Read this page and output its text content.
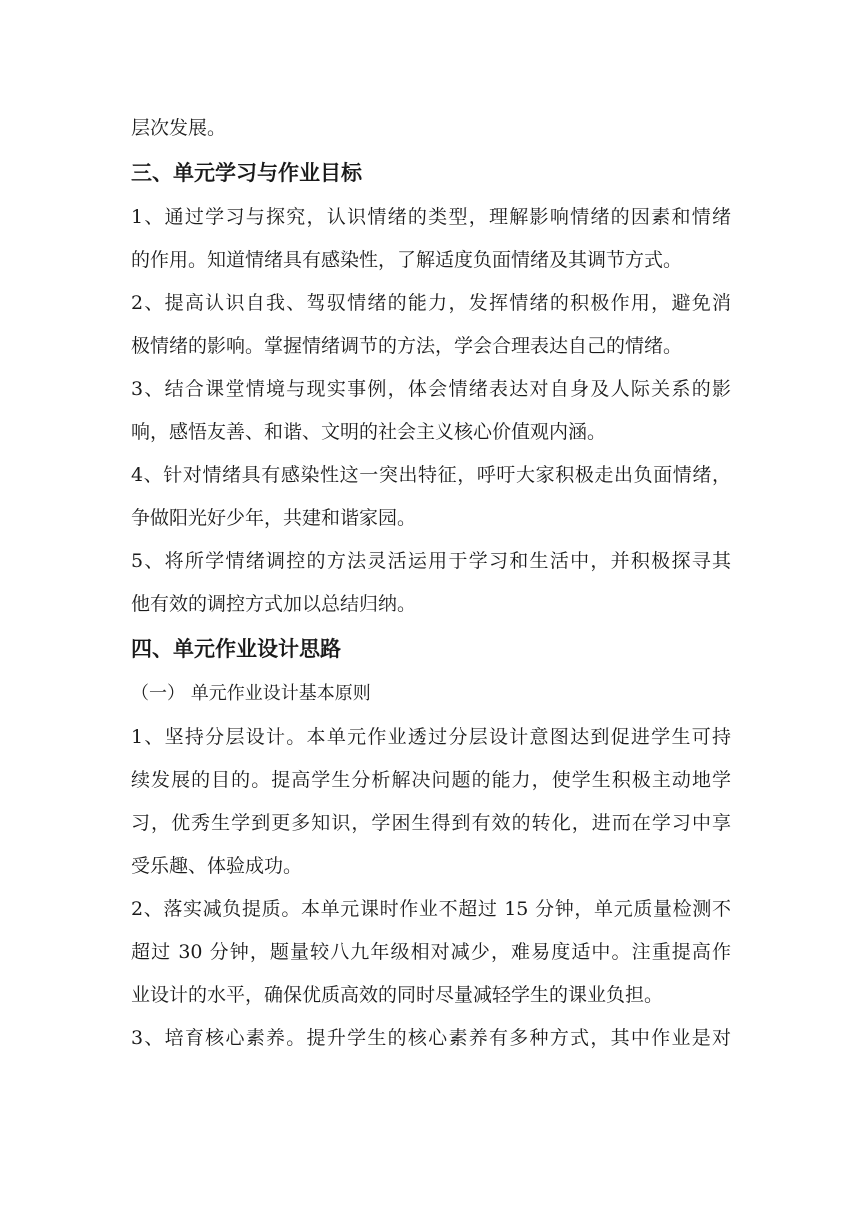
层次发展。

三、单元学习与作业目标

1、通过学习与探究，认识情绪的类型，理解影响情绪的因素和情绪

的作用。知道情绪具有感染性，了解适度负面情绪及其调节方式。

2、提高认识自我、驾驭情绪的能力，发挥情绪的积极作用，避免消

极情绪的影响。掌握情绪调节的方法，学会合理表达自己的情绪。

3、结合课堂情境与现实事例，体会情绪表达对自身及人际关系的影

响，感悟友善、和谐、文明的社会主义核心价值观内涵。

4、针对情绪具有感染性这一突出特征，呼吁大家积极走出负面情绪，

争做阳光好少年，共建和谐家园。

5、将所学情绪调控的方法灵活运用于学习和生活中，并积极探寻其

他有效的调控方式加以总结归纳。

四、单元作业设计思路

（一） 单元作业设计基本原则

1、坚持分层设计。本单元作业透过分层设计意图达到促进学生可持

续发展的目的。提高学生分析解决问题的能力，使学生积极主动地学

习，优秀生学到更多知识，学困生得到有效的转化，进而在学习中享

受乐趣、体验成功。

2、落实减负提质。本单元课时作业不超过 15 分钟，单元质量检测不

超过 30 分钟，题量较八九年级相对减少，难易度适中。注重提高作

业设计的水平，确保优质高效的同时尽量减轻学生的课业负担。

3、培育核心素养。提升学生的核心素养有多种方式，其中作业是对
